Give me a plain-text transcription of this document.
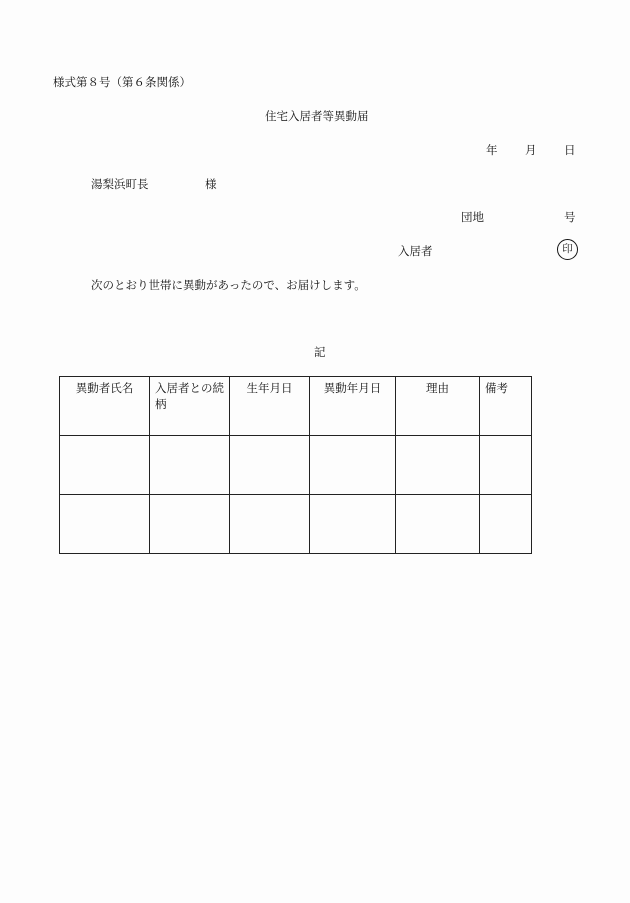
様式第８号（第６条関係）
住宅入居者等異動届
年 月 日
湯梨浜町長	様
団地	号
入居者	印
次のとおり世帯に異動があったので、お届けします。
記
異動者氏名	入居者との続柄	生年月日	異動年月日	理由	備考
